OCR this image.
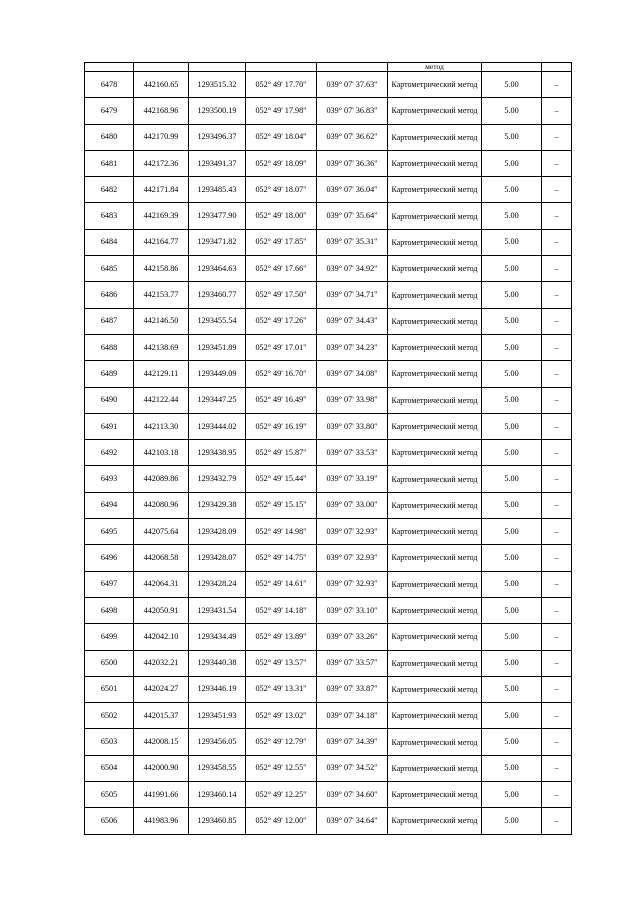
					метод		
6478	442160.65	1293515.32	052° 49' 17.70"	039° 07' 37.63"	Картометрический метод	5.00	–
6479	442168.96	1293500.19	052° 49' 17.98"	039° 07' 36.83"	Картометрический метод	5.00	–
6480	442170.99	1293496.37	052° 49' 18.04"	039° 07' 36.62"	Картометрический метод	5.00	–
6481	442172.36	1293491.37	052° 49' 18.09"	039° 07' 36.36"	Картометрический метод	5.00	–
6482	442171.84	1293485.43	052° 49' 18.07"	039° 07' 36.04"	Картометрический метод	5.00	–
6483	442169.39	1293477.90	052° 49' 18.00"	039° 07' 35.64"	Картометрический метод	5.00	–
6484	442164.77	1293471.82	052° 49' 17.85"	039° 07' 35.31"	Картометрический метод	5.00	–
6485	442158.86	1293464.63	052° 49' 17.66"	039° 07' 34.92"	Картометрический метод	5.00	–
6486	442153.77	1293460.77	052° 49' 17.50"	039° 07' 34.71"	Картометрический метод	5.00	–
6487	442146.50	1293455.54	052° 49' 17.26"	039° 07' 34.43"	Картометрический метод	5.00	–
6488	442138.69	1293451.89	052° 49' 17.01"	039° 07' 34.23"	Картометрический метод	5.00	–
6489	442129.11	1293449.09	052° 49' 16.70"	039° 07' 34.08"	Картометрический метод	5.00	–
6490	442122.44	1293447.25	052° 49' 16.49"	039° 07' 33.98"	Картометрический метод	5.00	–
6491	442113.30	1293444.02	052° 49' 16.19"	039° 07' 33.80"	Картометрический метод	5.00	–
6492	442103.18	1293438.95	052° 49' 15.87"	039° 07' 33.53"	Картометрический метод	5.00	–
6493	442089.86	1293432.79	052° 49' 15.44"	039° 07' 33.19"	Картометрический метод	5.00	–
6494	442080.96	1293429.38	052° 49' 15.15"	039° 07' 33.00"	Картометрический метод	5.00	–
6495	442075.64	1293428.09	052° 49' 14.98"	039° 07' 32.93"	Картометрический метод	5.00	–
6496	442068.58	1293428.07	052° 49' 14.75"	039° 07' 32.93"	Картометрический метод	5.00	–
6497	442064.31	1293428.24	052° 49' 14.61"	039° 07' 32.93"	Картометрический метод	5.00	–
6498	442050.91	1293431.54	052° 49' 14.18"	039° 07' 33.10"	Картометрический метод	5.00	–
6499	442042.10	1293434.49	052° 49' 13.89"	039° 07' 33.26"	Картометрический метод	5.00	–
6500	442032.21	1293440.38	052° 49' 13.57"	039° 07' 33.57"	Картометрический метод	5.00	–
6501	442024.27	1293446.19	052° 49' 13.31"	039° 07' 33.87"	Картометрический метод	5.00	–
6502	442015.37	1293451.93	052° 49' 13.02"	039° 07' 34.18"	Картометрический метод	5.00	–
6503	442008.15	1293456.05	052° 49' 12.79"	039° 07' 34.39"	Картометрический метод	5.00	–
6504	442000.90	1293458.55	052° 49' 12.55"	039° 07' 34.52"	Картометрический метод	5.00	–
6505	441991.66	1293460.14	052° 49' 12.25"	039° 07' 34.60"	Картометрический метод	5.00	–
6506	441983.96	1293460.85	052° 49' 12.00"	039° 07' 34.64"	Картометрический метод	5.00	–
